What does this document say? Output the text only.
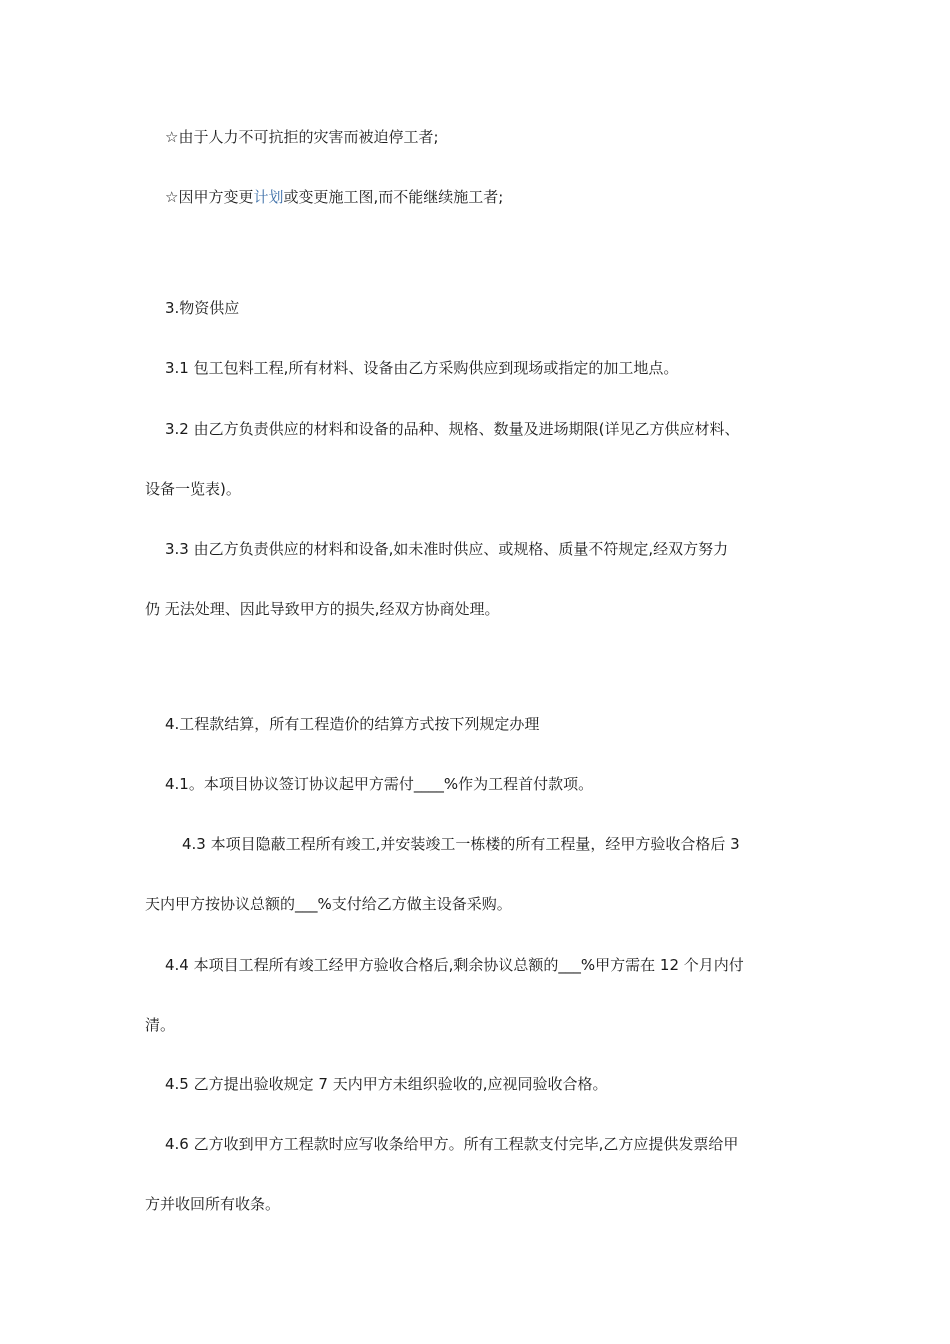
☆由于人力不可抗拒的灾害而被迫停工者;
☆因甲方变更计划或变更施工图,而不能继续施工者;
3.物资供应
3.1 包工包料工程,所有材料、设备由乙方采购供应到现场或指定的加工地点。
3.2 由乙方负责供应的材料和设备的品种、规格、数量及进场期限(详见乙方供应材料、
设备一览表)。
3.3 由乙方负责供应的材料和设备,如未准时供应、或规格、质量不符规定,经双方努力
仍 无法处理、因此导致甲方的损失,经双方协商处理。
4.工程款结算，所有工程造价的结算方式按下列规定办理
4.1。本项目协议签订协议起甲方需付____%作为工程首付款项。
4.3 本项目隐蔽工程所有竣工,并安装竣工一栋楼的所有工程量，经甲方验收合格后 3
天内甲方按协议总额的___%支付给乙方做主设备采购。
4.4 本项目工程所有竣工经甲方验收合格后,剩余协议总额的___%甲方需在 12 个月内付
清。
4.5 乙方提出验收规定 7 天内甲方未组织验收的,应视同验收合格。
4.6 乙方收到甲方工程款时应写收条给甲方。所有工程款支付完毕,乙方应提供发票给甲
方并收回所有收条。
